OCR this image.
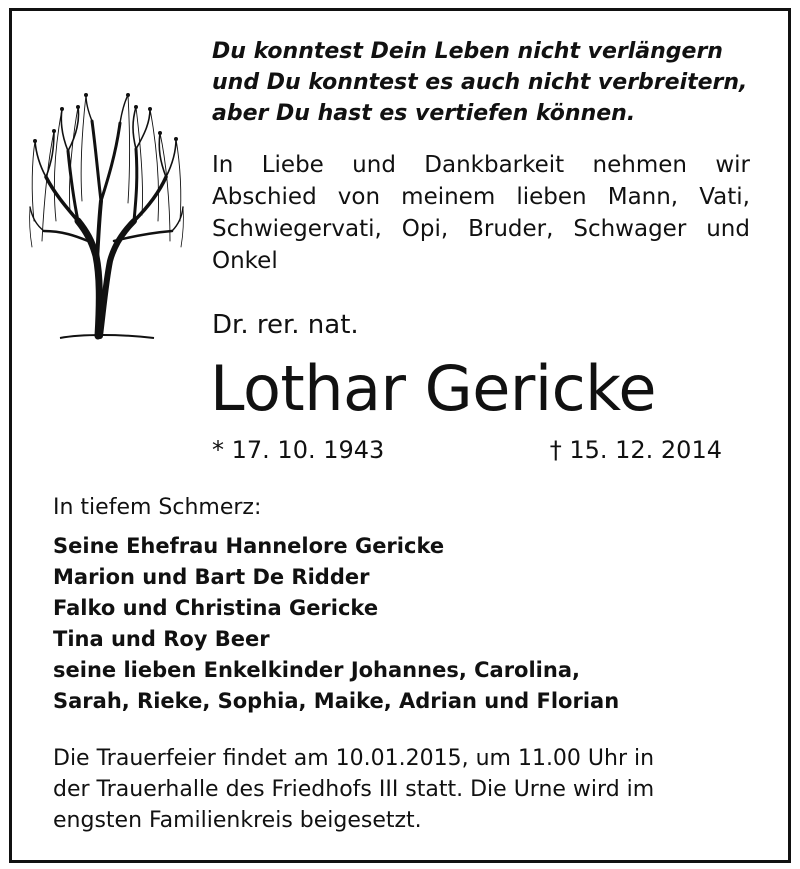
Du konntest Dein Leben nicht verlängern
und Du konntest es auch nicht verbreitern,
aber Du hast es vertiefen können.

In Liebe und Dankbarkeit nehmen wir Abschied von meinem lieben Mann, Vati, Schwiegervati, Opi, Bruder, Schwager und Onkel

Dr. rer. nat.

Lothar Gericke

* 17. 10. 1943	† 15. 12. 2014

In tiefem Schmerz:

Seine Ehefrau Hannelore Gericke
Marion und Bart De Ridder
Falko und Christina Gericke
Tina und Roy Beer
seine lieben Enkelkinder Johannes, Carolina,
Sarah, Rieke, Sophia, Maike, Adrian und Florian
Die Trauerfeier findet am 10.01.2015, um 11.00 Uhr in
der Trauerhalle des Friedhofs III statt. Die Urne wird im
engsten Familienkreis beigesetzt.
